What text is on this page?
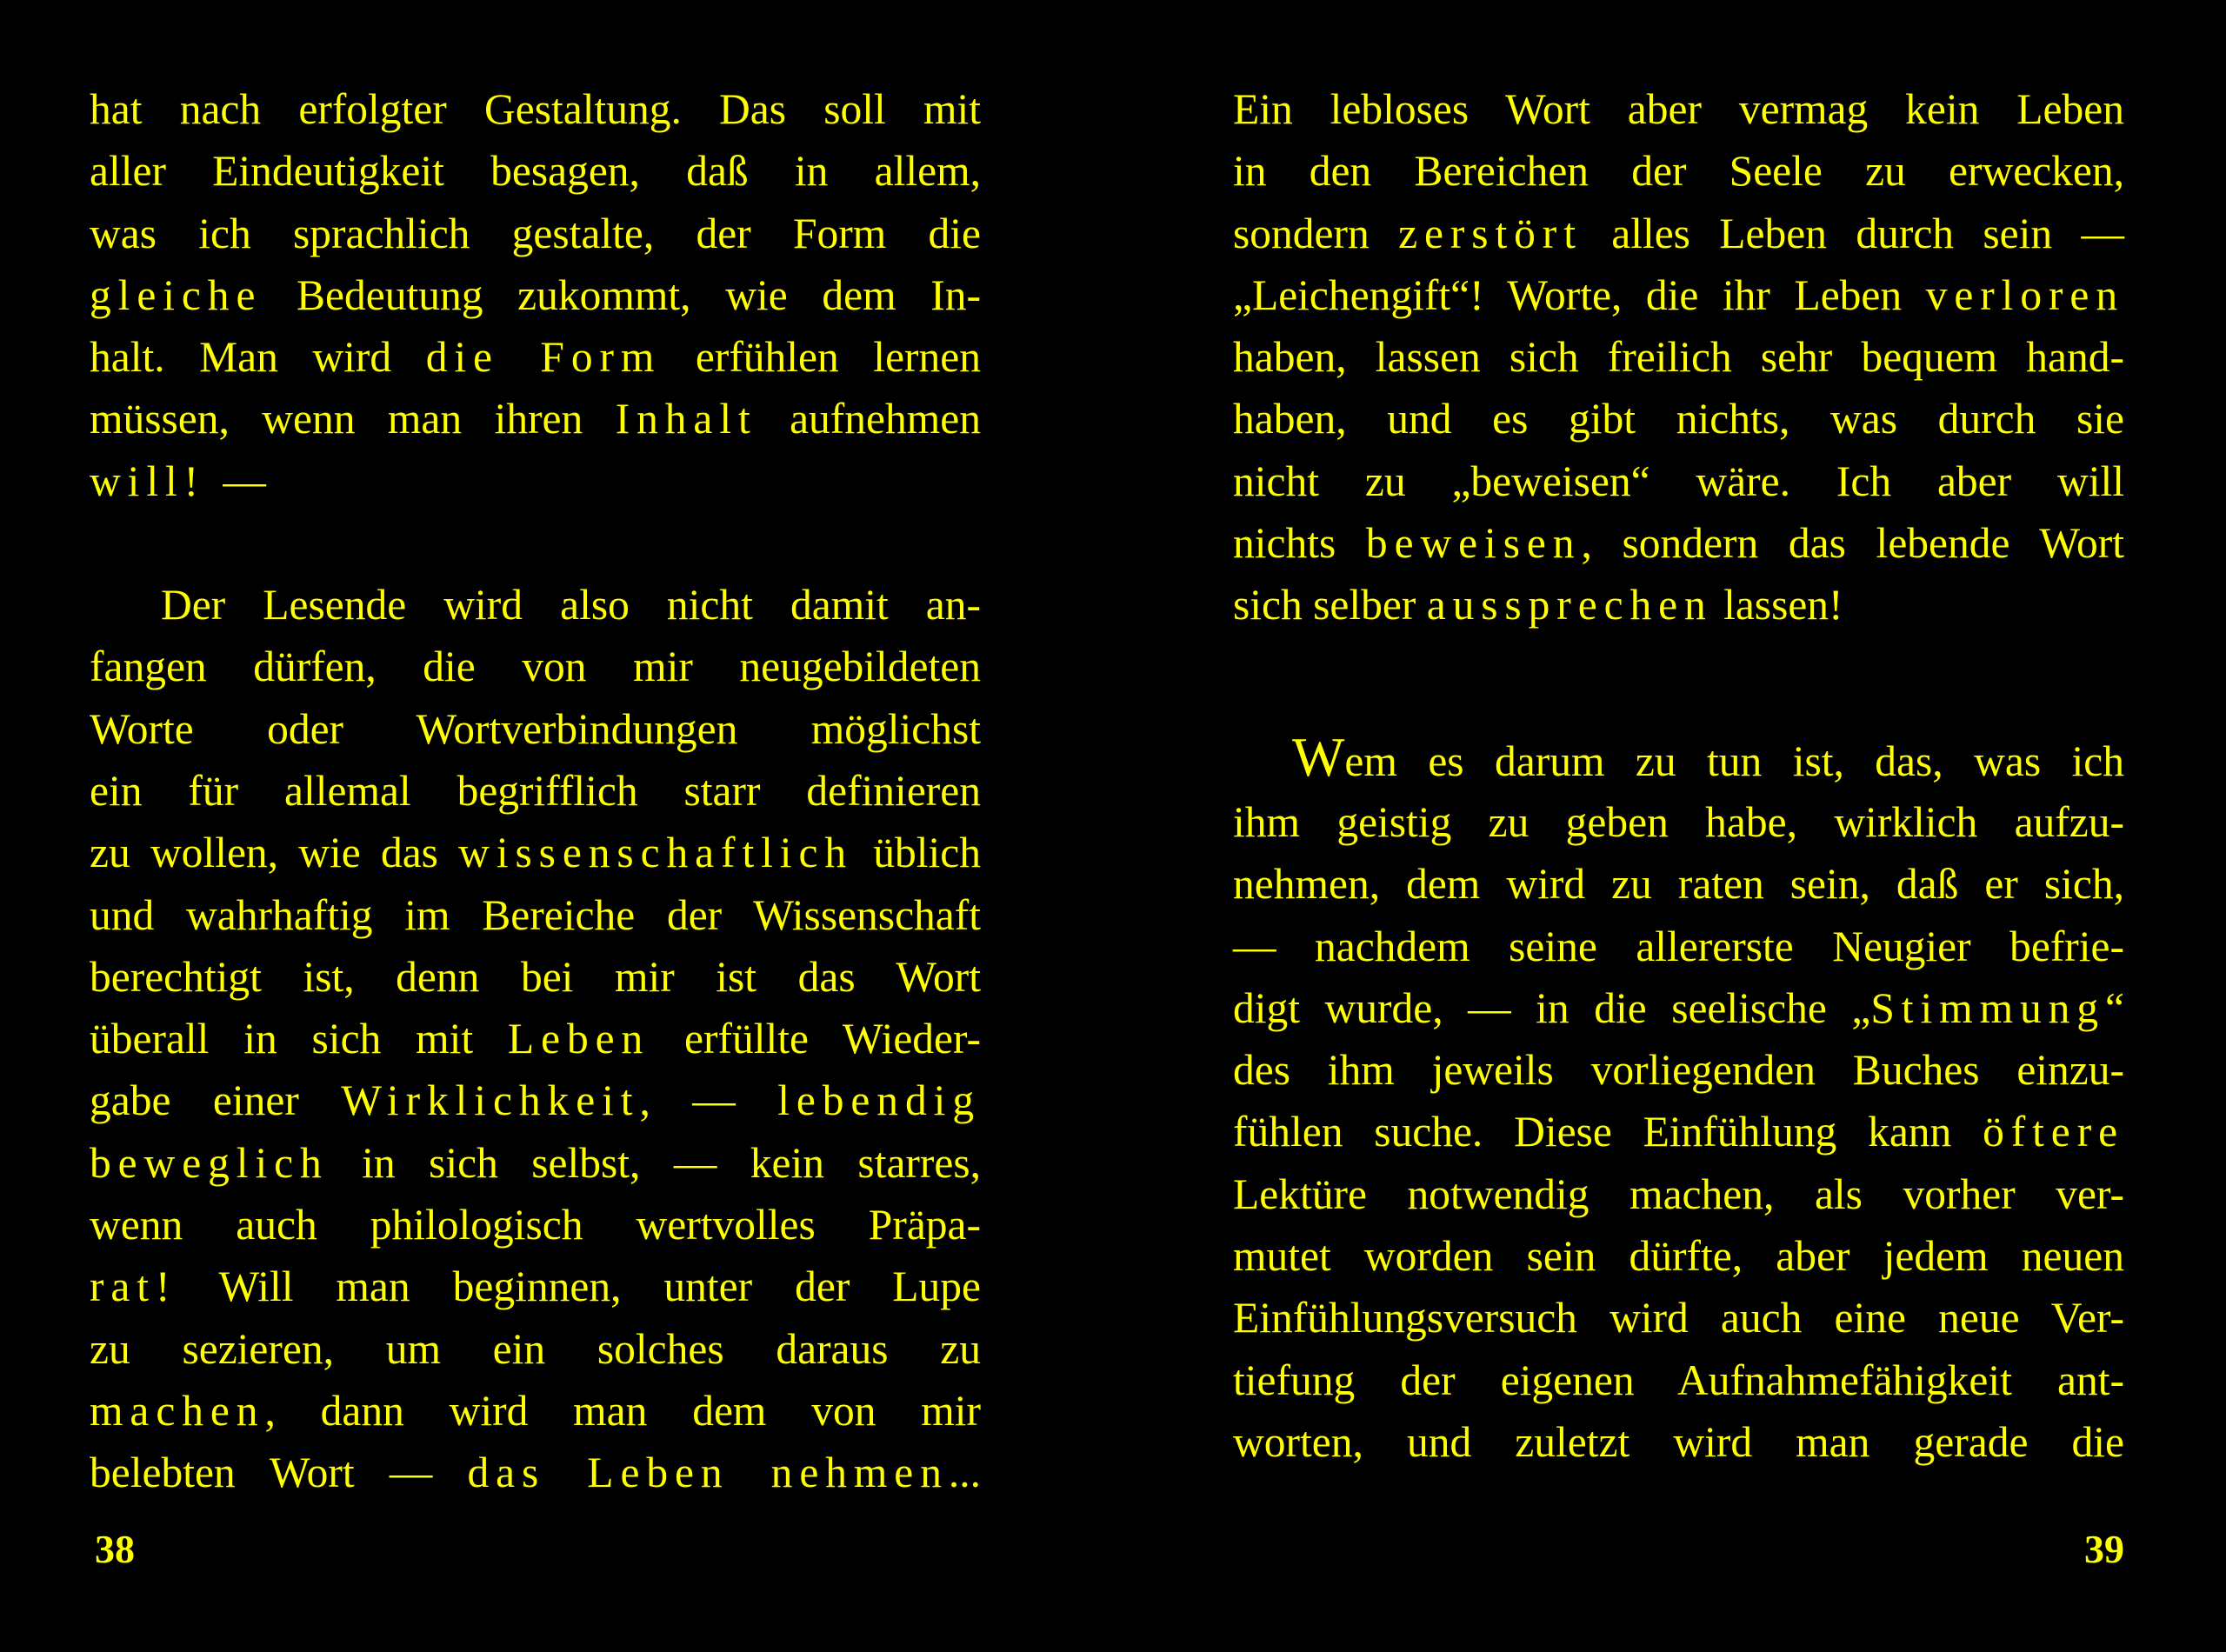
hat nach erfolgter Gestaltung. Das soll mit
aller Eindeutigkeit besagen, daß in allem,
was ich sprachlich gestalte, der Form die
gleiche Bedeutung zukommt, wie dem In-
halt. Man wird die Form erfühlen lernen
müssen, wenn man ihren Inhalt aufnehmen
will! —
Der Lesende wird also nicht damit an-
fangen dürfen, die von mir neugebildeten
Worte oder Wortverbindungen möglichst
ein für allemal begrifflich starr definieren
zu wollen, wie das wissenschaftlich üblich
und wahrhaftig im Bereiche der Wissenschaft
berechtigt ist, denn bei mir ist das Wort
überall in sich mit Leben erfüllte Wieder-
gabe einer Wirklichkeit, — lebendig
beweglich in sich selbst, — kein starres,
wenn auch philologisch wertvolles Präpa-
rat! Will man beginnen, unter der Lupe
zu sezieren, um ein solches daraus zu
machen, dann wird man dem von mir
belebten Wort — das Leben nehmen...
38
Ein lebloses Wort aber vermag kein Leben
in den Bereichen der Seele zu erwecken,
sondern zerstört alles Leben durch sein —
„Leichengift“! Worte, die ihr Leben verloren
haben, lassen sich freilich sehr bequem hand-
haben, und es gibt nichts, was durch sie
nicht zu „beweisen“ wäre. Ich aber will
nichts beweisen, sondern das lebende Wort
sich selber aussprechen lassen!
Wem es darum zu tun ist, das, was ich
ihm geistig zu geben habe, wirklich aufzu-
nehmen, dem wird zu raten sein, daß er sich,
— nachdem seine allererste Neugier befrie-
digt wurde, — in die seelische „Stimmung“
des ihm jeweils vorliegenden Buches einzu-
fühlen suche. Diese Einfühlung kann öftere
Lektüre notwendig machen, als vorher ver-
mutet worden sein dürfte, aber jedem neuen
Einfühlungsversuch wird auch eine neue Ver-
tiefung der eigenen Aufnahmefähigkeit ant-
worten, und zuletzt wird man gerade die
39
